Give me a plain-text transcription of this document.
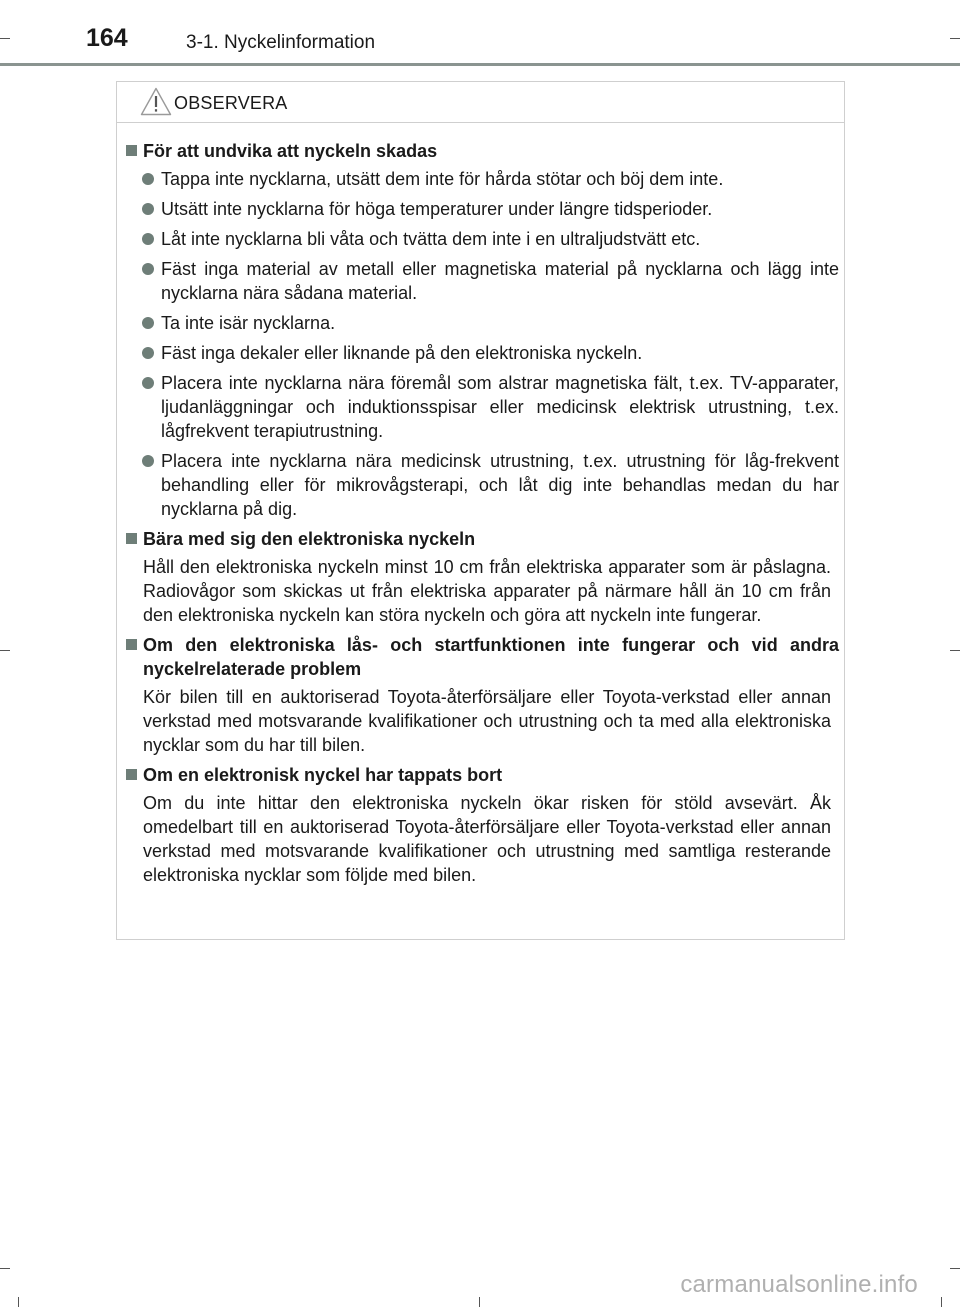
164	3-1. Nyckelinformation
OBSERVERA
För att undvika att nyckeln skadas
Tappa inte nycklarna, utsätt dem inte för hårda stötar och böj dem inte.
Utsätt inte nycklarna för höga temperaturer under längre tidsperioder.
Låt inte nycklarna bli våta och tvätta dem inte i en ultraljudstvätt etc.
Fäst inga material av metall eller magnetiska material på nycklarna och lägg inte nycklarna nära sådana material.
Ta inte isär nycklarna.
Fäst inga dekaler eller liknande på den elektroniska nyckeln.
Placera inte nycklarna nära föremål som alstrar magnetiska fält, t.ex. TV-apparater, ljudanläggningar och induktionsspisar eller medicinsk elektrisk utrustning, t.ex. lågfrekvent terapiutrustning.
Placera inte nycklarna nära medicinsk utrustning, t.ex. utrustning för låg-frekvent behandling eller för mikrovågsterapi, och låt dig inte behandlas medan du har nycklarna på dig.
Bära med sig den elektroniska nyckeln
Håll den elektroniska nyckeln minst 10 cm från elektriska apparater som är påslagna. Radiovågor som skickas ut från elektriska apparater på närmare håll än 10 cm från den elektroniska nyckeln kan störa nyckeln och göra att nyckeln inte fungerar.
Om den elektroniska lås- och startfunktionen inte fungerar och vid andra nyckelrelaterade problem
Kör bilen till en auktoriserad Toyota-återförsäljare eller Toyota-verkstad eller annan verkstad med motsvarande kvalifikationer och utrustning och ta med alla elektroniska nycklar som du har till bilen.
Om en elektronisk nyckel har tappats bort
Om du inte hittar den elektroniska nyckeln ökar risken för stöld avsevärt. Åk omedelbart till en auktoriserad Toyota-återförsäljare eller Toyota-verkstad eller annan verkstad med motsvarande kvalifikationer och utrustning med samtliga resterande elektroniska nycklar som följde med bilen.
carmanualsonline.info
